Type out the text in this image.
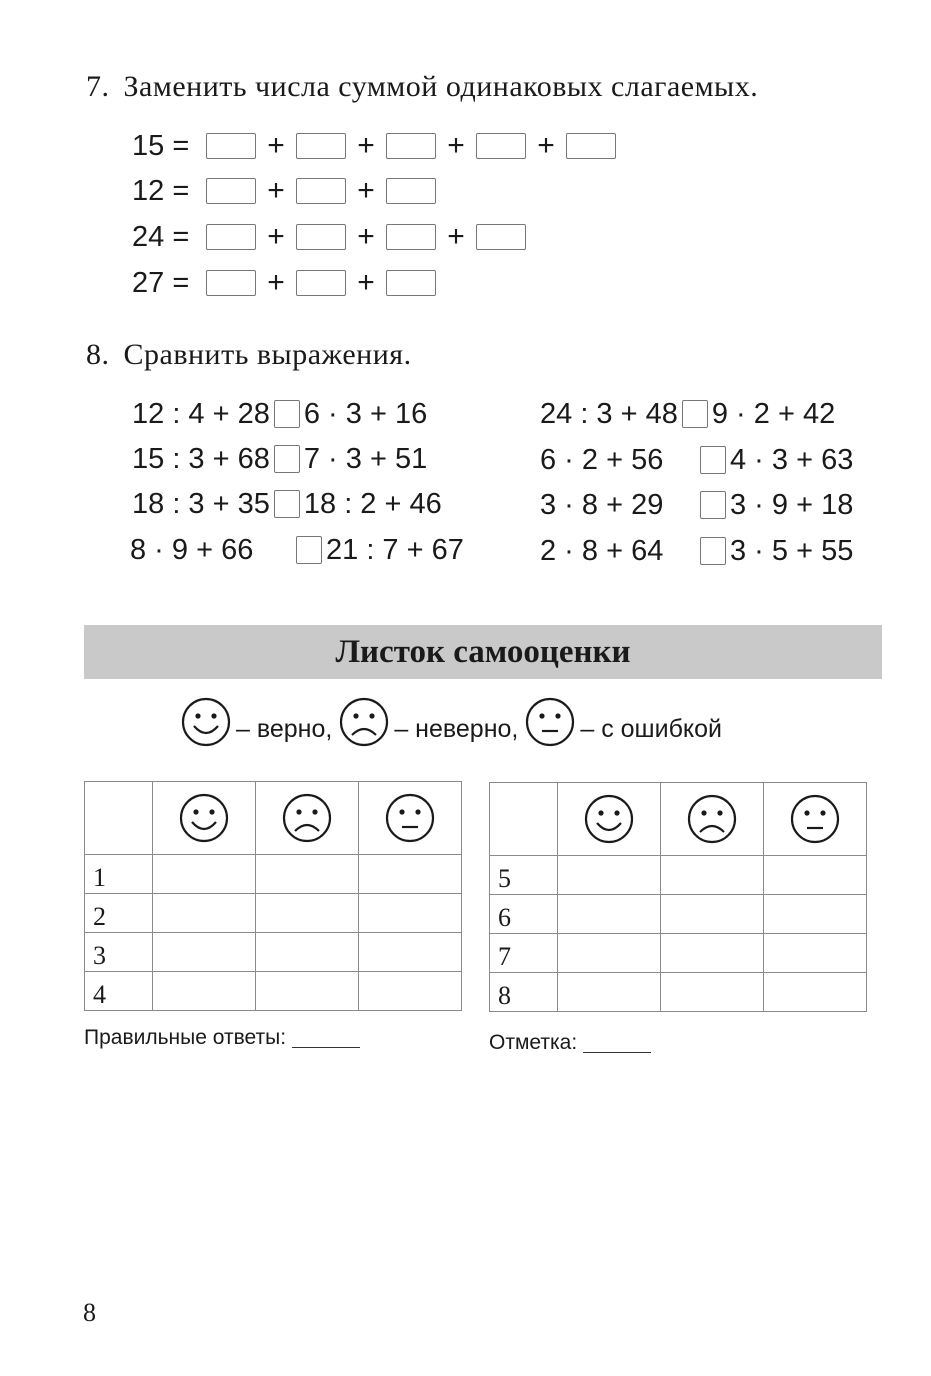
7. Заменить числа суммой одинаковых слагаемых.
15 =	+	+	+	+
12 =	+	+
24 =	+	+	+
27 =	+	+
8. Сравнить выражения.
12 : 4 + 28 6 · 3 + 16
15 : 3 + 68 7 · 3 + 51
18 : 3 + 35 18 : 2 + 46
8 · 9 + 66	21 : 7 + 67
24 : 3 + 48 9 · 2 + 42
6 · 2 + 56	4 · 3 + 63
3 · 8 + 29	3 · 9 + 18
2 · 8 + 64	3 · 5 + 55
Листок самооценки
– верно, – неверно, – с ошибкой

1			
2			
3			
4			

5			
6			
7			
8			
Правильные ответы:	Отметка:
8
